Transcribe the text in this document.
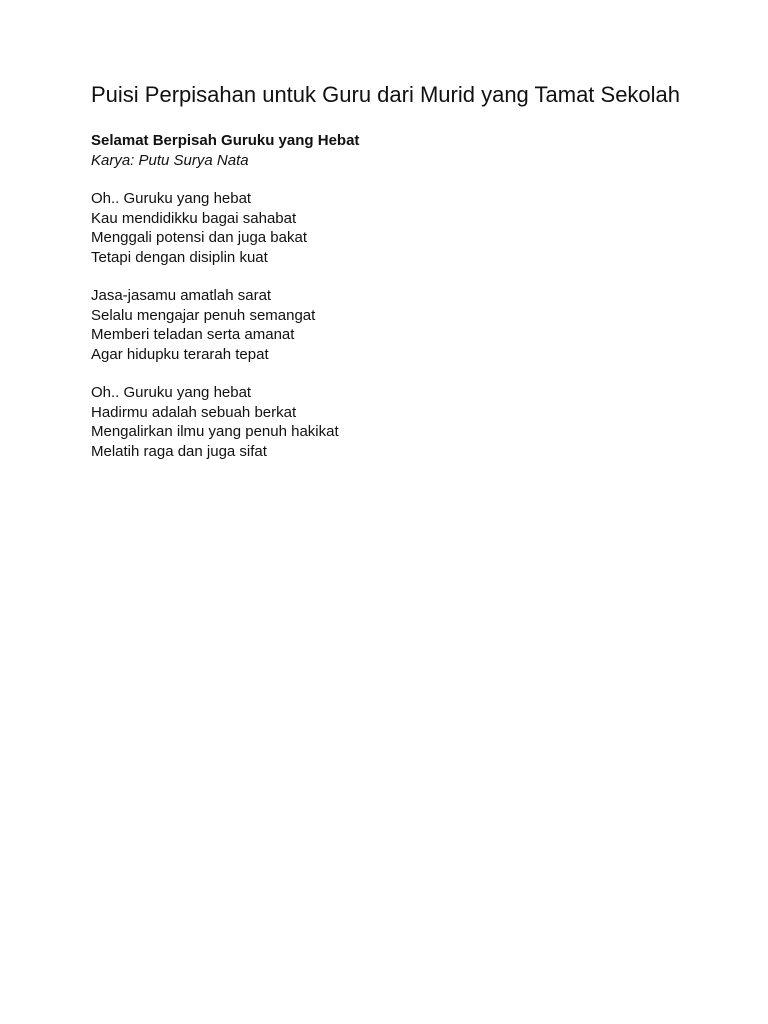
Puisi Perpisahan untuk Guru dari Murid yang Tamat Sekolah
Selamat Berpisah Guruku yang Hebat
Karya: Putu Surya Nata
Oh.. Guruku yang hebat
Kau mendidikku bagai sahabat
Menggali potensi dan juga bakat
Tetapi dengan disiplin kuat
Jasa-jasamu amatlah sarat
Selalu mengajar penuh semangat
Memberi teladan serta amanat
Agar hidupku terarah tepat
Oh.. Guruku yang hebat
Hadirmu adalah sebuah berkat
Mengalirkan ilmu yang penuh hakikat
Melatih raga dan juga sifat
